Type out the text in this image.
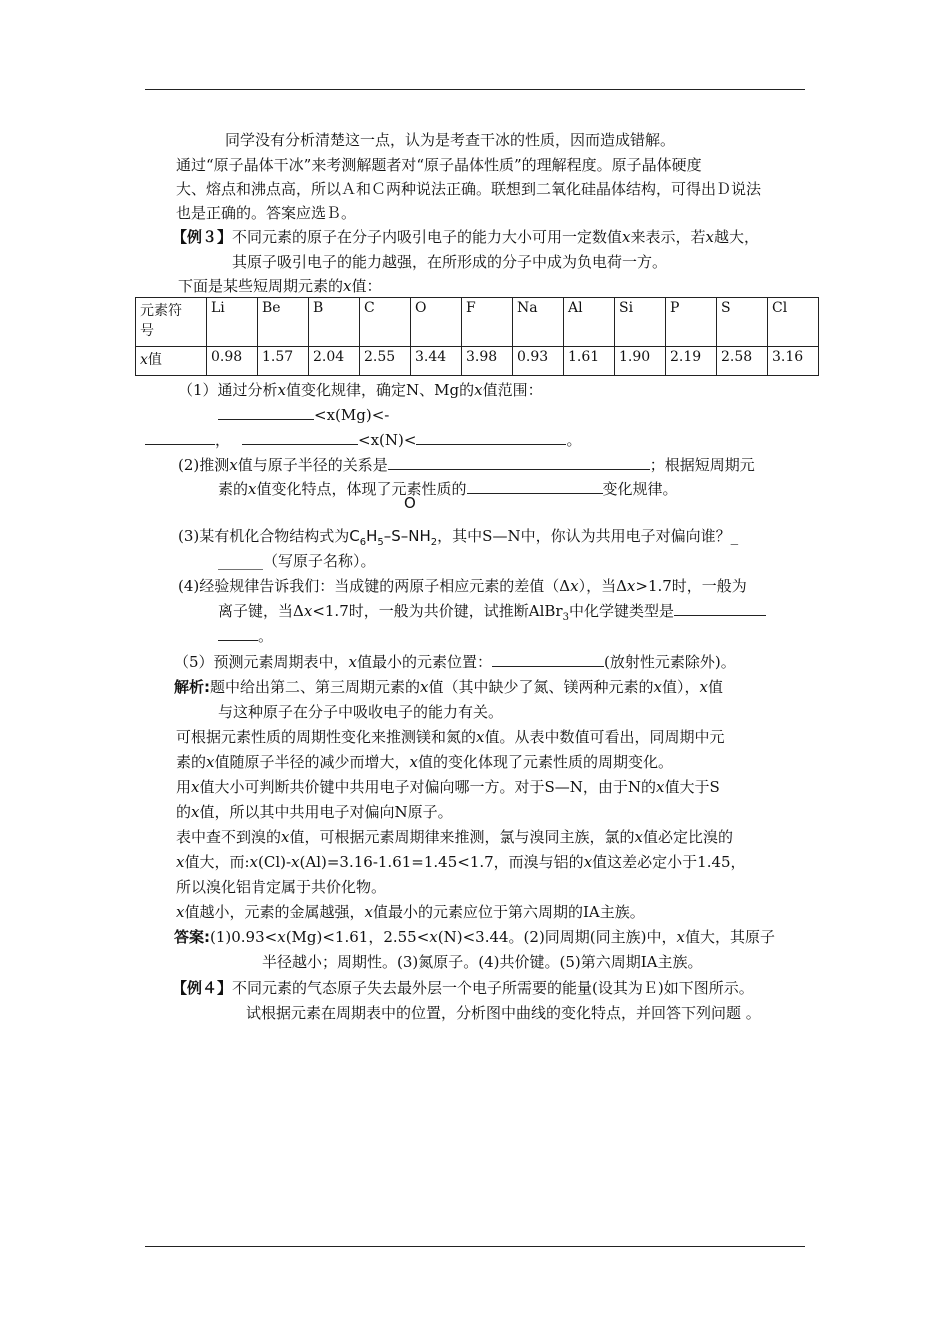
同学没有分析清楚这一点，认为是考查干冰的性质，因而造成错解。
通过“原子晶体干冰”来考测解题者对“原子晶体性质”的理解程度。原子晶体硬度
大、熔点和沸点高，所以Ａ和Ｃ两种说法正确。联想到二氧化硅晶体结构，可得出Ｄ说法
也是正确的。答案应选Ｂ。
【例３】不同元素的原子在分子内吸引电子的能力大小可用一定数值x来表示，若x越大，
其原子吸引电子的能力越强，在所形成的分子中成为负电荷一方。
下面是某些短周期元素的x值：
元素符
号	Li	Be	B	C	O	F	Na	Al	Si	P	S	Cl
x值	0.98	1.57	2.04	2.55	3.44	3.98	0.93	1.61	1.90	2.19	2.58	3.16
（1）通过分析x值变化规律，确定N、Mg的x值范围：
<x(Mg)<-
，	<x(N)<	。
(2)推测x值与原子半径的关系是	；根据短周期元
素的x值变化特点，体现了元素性质的	变化规律。
O
(3)某有机化合物结构式为$C_6H_5-S-NH_2$，其中S—N中，你认为共用电子对偏向谁？_
______（写原子名称）。
(4)经验规律告诉我们：当成键的两原子相应元素的差值（Δx），当Δx>1.7时，一般为
离子键，当Δx<1.7时，一般为共价键，试推断AlBr$_3$中化学键类型是
。
（5）预测元素周期表中，x值最小的元素位置：	(放射性元素除外)。
解析:题中给出第二、第三周期元素的x值（其中缺少了氮、镁两种元素的x值），x值
与这种原子在分子中吸收电子的能力有关。
可根据元素性质的周期性变化来推测镁和氮的x值。从表中数值可看出，同周期中元
素的x值随原子半径的减少而增大，x值的变化体现了元素性质的周期变化。
用x值大小可判断共价键中共用电子对偏向哪一方。对于S—N，由于N的x值大于S
的x值，所以其中共用电子对偏向N原子。
表中查不到溴的x值，可根据元素周期律来推测，氯与溴同主族，氯的x值必定比溴的
x值大，而:x(Cl)-x(Al)=3.16-1.61=1.45<1.7，而溴与铝的x值这差必定小于1.45，
所以溴化铝肯定属于共价化物。
x值越小，元素的金属越强，x值最小的元素应位于第六周期的IA主族。
答案:(1)0.93<x(Mg)<1.61，2.55<x(N)<3.44。(2)同周期(同主族)中，x值大，其原子
半径越小；周期性。(3)氮原子。(4)共价键。(5)第六周期IA主族。
【例４】不同元素的气态原子失去最外层一个电子所需要的能量(设其为Ｅ)如下图所示。
试根据元素在周期表中的位置，分析图中曲线的变化特点，并回答下列问题 。
